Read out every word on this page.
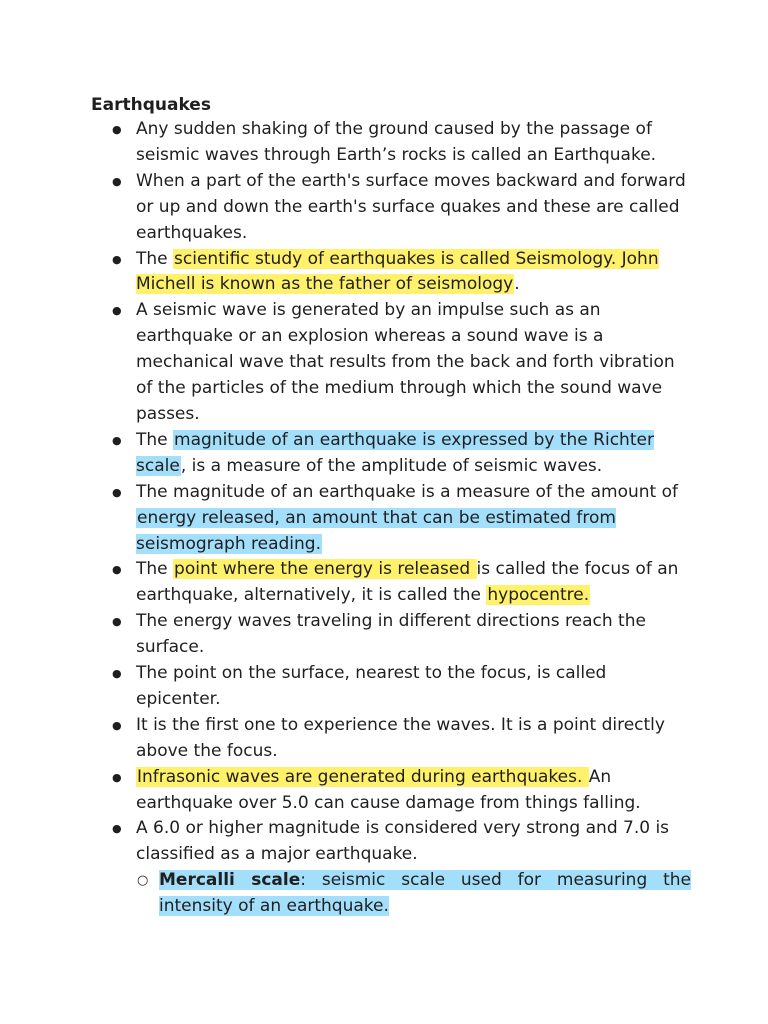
Earthquakes
● Any sudden shaking of the ground caused by the passage of seismic waves through Earth’s rocks is called an Earthquake.
● When a part of the earth's surface moves backward and forward or up and down the earth's surface quakes and these are called earthquakes.
● The scientific study of earthquakes is called Seismology. John Michell is known as the father of seismology.
● A seismic wave is generated by an impulse such as an earthquake or an explosion whereas a sound wave is a mechanical wave that results from the back and forth vibration of the particles of the medium through which the sound wave passes.
● The magnitude of an earthquake is expressed by the Richter scale, is a measure of the amplitude of seismic waves.
● The magnitude of an earthquake is a measure of the amount of energy released, an amount that can be estimated from seismograph reading.
● The point where the energy is released is called the focus of an earthquake, alternatively, it is called the hypocentre.
● The energy waves traveling in different directions reach the surface.
● The point on the surface, nearest to the focus, is called epicenter.
● It is the first one to experience the waves. It is a point directly above the focus.
● Infrasonic waves are generated during earthquakes. An earthquake over 5.0 can cause damage from things falling.
● A 6.0 or higher magnitude is considered very strong and 7.0 is classified as a major earthquake.
○ Mercalli scale: seismic scale used for measuring the intensity of an earthquake.
